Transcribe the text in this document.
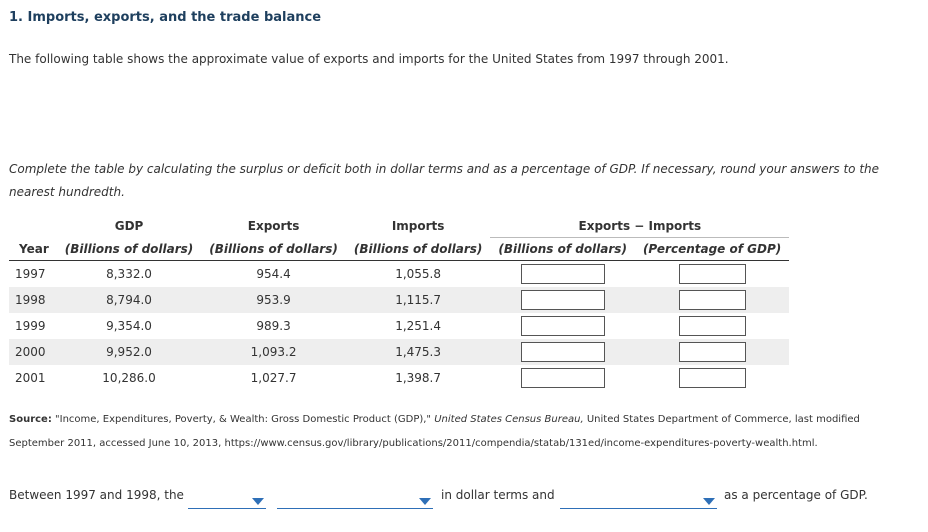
1. Imports, exports, and the trade balance
The following table shows the approximate value of exports and imports for the United States from 1997 through 2001.
Complete the table by calculating the surplus or deficit both in dollar terms and as a percentage of GDP. If necessary, round your answers to the nearest hundredth.
	GDP	Exports	Imports	Exports − Imports	
Year	(Billions of dollars)	(Billions of dollars)	(Billions of dollars)	(Billions of dollars)	(Percentage of GDP)
1997	8,332.0	954.4	1,055.8		
1998	8,794.0	953.9	1,115.7		
1999	9,354.0	989.3	1,251.4		
2000	9,952.0	1,093.2	1,475.3		
2001	10,286.0	1,027.7	1,398.7		
Source: "Income, Expenditures, Poverty, & Wealth: Gross Domestic Product (GDP)," United States Census Bureau, United States Department of Commerce, last modified
September 2011, accessed June 10, 2013, https://www.census.gov/library/publications/2011/compendia/statab/131ed/income-expenditures-poverty-wealth.html.
Between 1997 and 1998, the	in dollar terms and	as a percentage of GDP.
